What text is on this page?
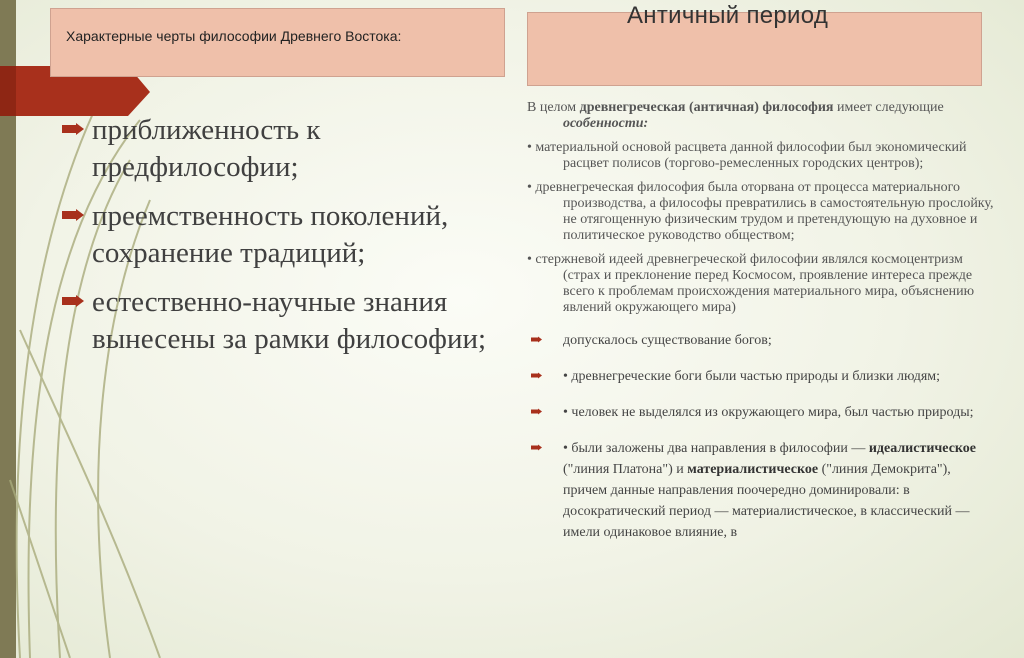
Характерные черты философии Древнего Востока:
Античный период
приближенность к предфилософии;
преемственность поколений, сохранение традиций;
естественно-научные знания вынесены за рамки философии;
В целом древнегреческая (античная) философия имеет следующие особенности:
• материальной основой расцвета данной философии был экономический расцвет полисов (торгово-ремесленных городских центров);
• древнегреческая философия была оторвана от процесса материального производства, а философы превратились в самостоятельную прослойку, не отягощенную физическим трудом и претендующую на духовное и политическое руководство обществом;
• стержневой идеей древнегреческой философии являлся космоцентризм (страх и преклонение перед Космосом, проявление интереса прежде всего к проблемам происхождения материального мира, объяснению явлений окружающего мира)
допускалось существование богов;
• древнегреческие боги были частью природы и близки людям;
• человек не выделялся из окружающего мира, был частью природы;
• были заложены два направления в философии — идеалистическое ("линия Платона") и материалистическое ("линия Демокрита"), причем данные направления поочередно доминировали: в досократический период — материалистическое, в классический — имели одинаковое влияние, в
